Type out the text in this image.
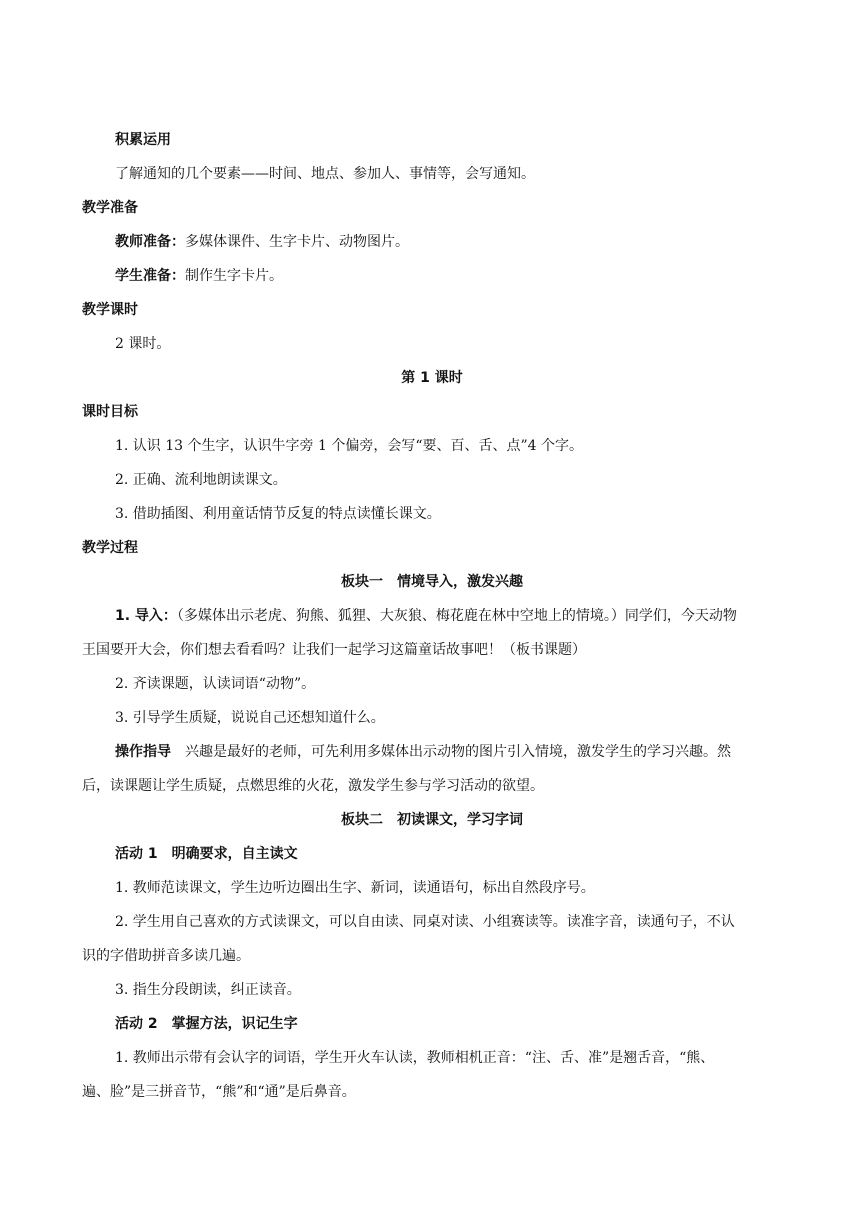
积累运用
了解通知的几个要素——时间、地点、参加人、事情等，会写通知。
教学准备
教师准备：多媒体课件、生字卡片、动物图片。
学生准备：制作生字卡片。
教学课时
2 课时。
第 1 课时
课时目标
1. 认识 13 个生字，认识牛字旁 1 个偏旁，会写“要、百、舌、点”4 个字。
2. 正确、流利地朗读课文。
3. 借助插图、利用童话情节反复的特点读懂长课文。
教学过程
板块一 情境导入，激发兴趣
1. 导入：（多媒体出示老虎、狗熊、狐狸、大灰狼、梅花鹿在林中空地上的情境。）同学们，今天动物
王国要开大会，你们想去看看吗？让我们一起学习这篇童话故事吧！（板书课题）
2. 齐读课题，认读词语“动物”。
3. 引导学生质疑，说说自己还想知道什么。
操作指导 兴趣是最好的老师，可先利用多媒体出示动物的图片引入情境，激发学生的学习兴趣。然
后，读课题让学生质疑，点燃思维的火花，激发学生参与学习活动的欲望。
板块二 初读课文，学习字词
活动 1 明确要求，自主读文
1. 教师范读课文，学生边听边圈出生字、新词，读通语句，标出自然段序号。
2. 学生用自己喜欢的方式读课文，可以自由读、同桌对读、小组赛读等。读准字音，读通句子，不认
识的字借助拼音多读几遍。
3. 指生分段朗读，纠正读音。
活动 2 掌握方法，识记生字
1. 教师出示带有会认字的词语，学生开火车认读，教师相机正音：“注、舌、准”是翘舌音，“熊、
遍、脸”是三拼音节，“熊”和“通”是后鼻音。
